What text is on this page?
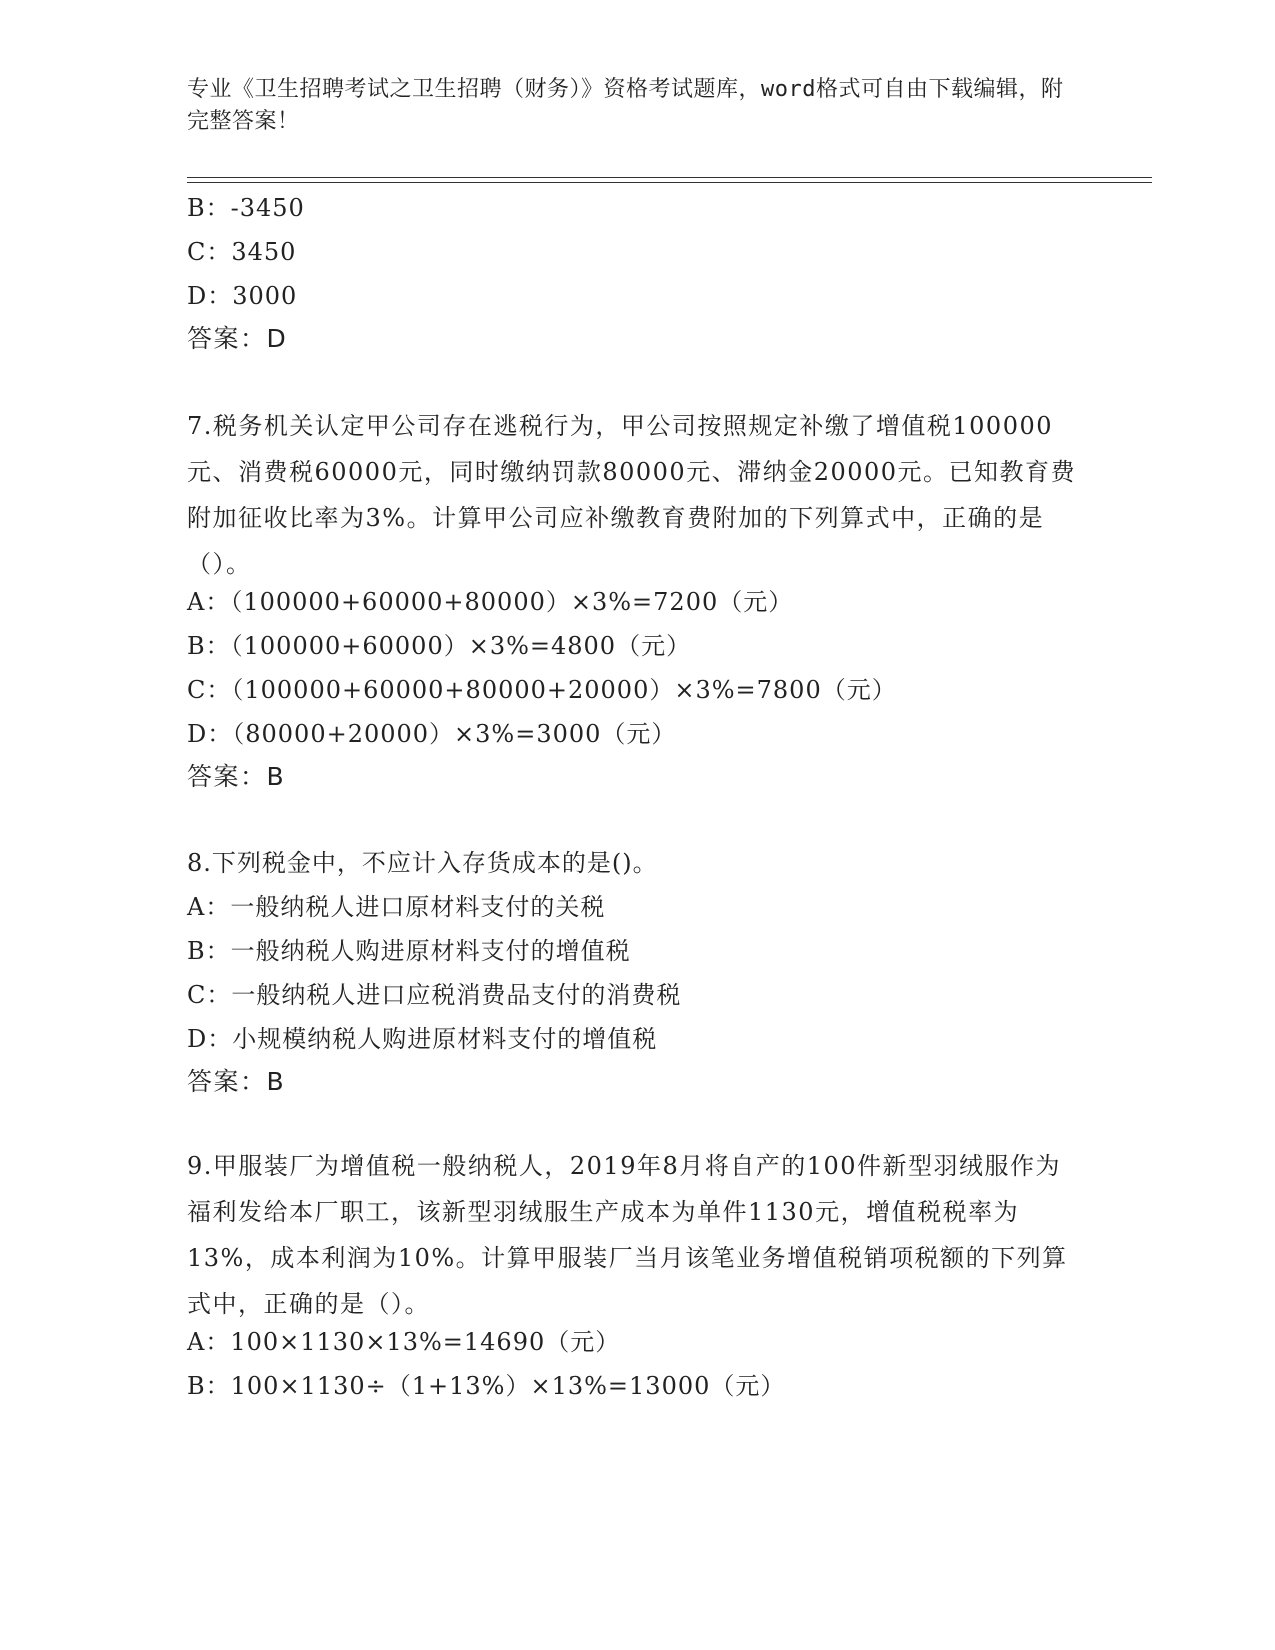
专业《卫生招聘考试之卫生招聘（财务）》资格考试题库，word格式可自由下载编辑，附完整答案！
B：-3450
C：3450
D：3000
答案：D
7.税务机关认定甲公司存在逃税行为，甲公司按照规定补缴了增值税100000元、消费税60000元，同时缴纳罚款80000元、滞纳金20000元。已知教育费附加征收比率为3%。计算甲公司应补缴教育费附加的下列算式中，正确的是（）。
A：（100000+60000+80000）×3%=7200（元）
B：（100000+60000）×3%=4800（元）
C：（100000+60000+80000+20000）×3%=7800（元）
D：（80000+20000）×3%=3000（元）
答案：B
8.下列税金中，不应计入存货成本的是()。
A：一般纳税人进口原材料支付的关税
B：一般纳税人购进原材料支付的增值税
C：一般纳税人进口应税消费品支付的消费税
D：小规模纳税人购进原材料支付的增值税
答案：B
9.甲服装厂为增值税一般纳税人，2019年8月将自产的100件新型羽绒服作为福利发给本厂职工，该新型羽绒服生产成本为单件1130元，增值税税率为13%，成本利润为10%。计算甲服装厂当月该笔业务增值税销项税额的下列算式中，正确的是（）。
A：100×1130×13%=14690（元）
B：100×1130÷（1+13%）×13%=13000（元）
